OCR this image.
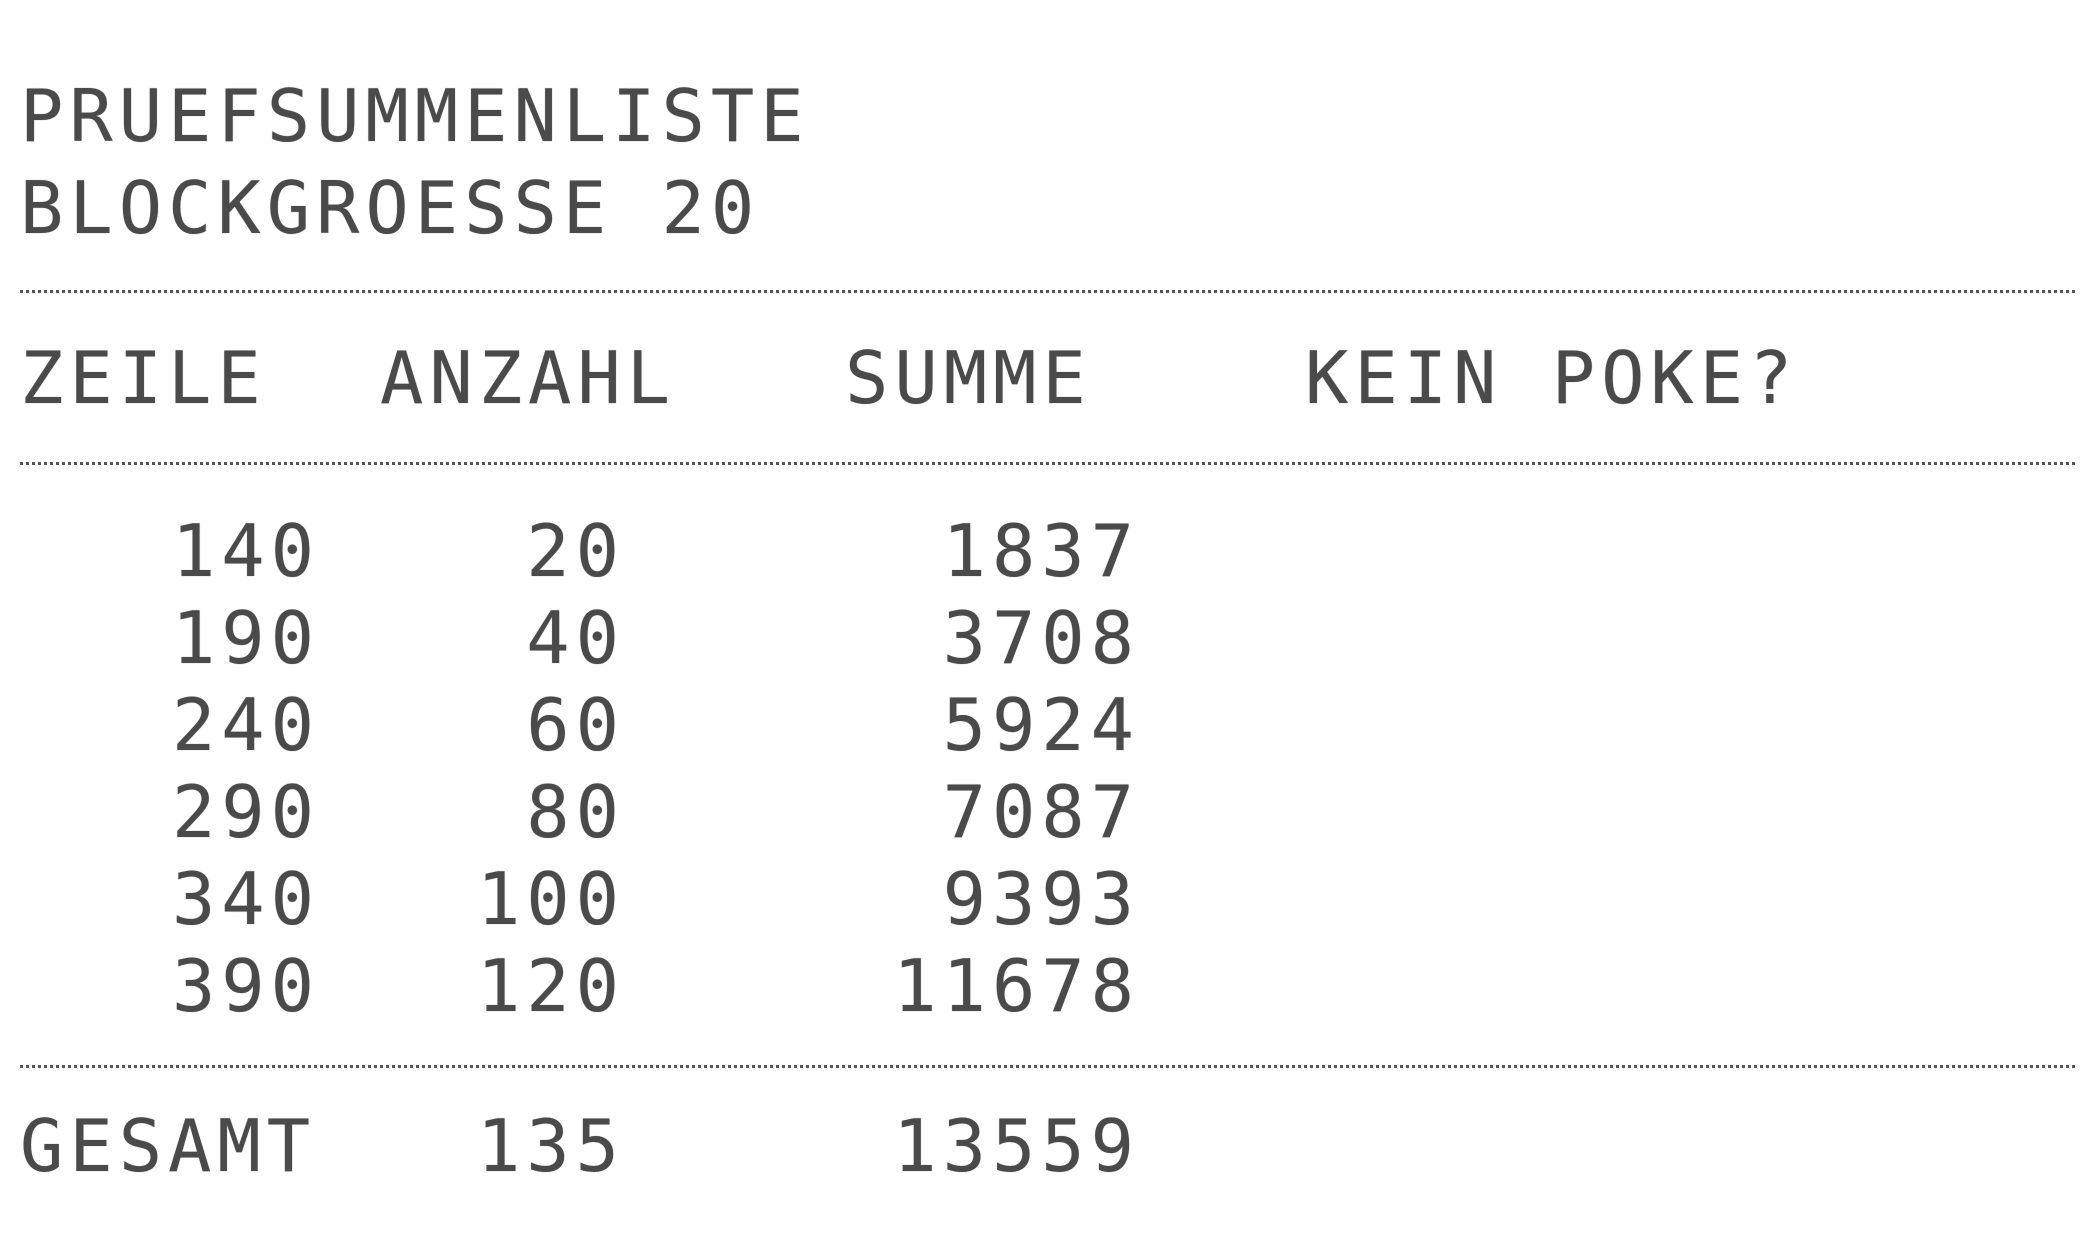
PRUEFSUMMENLISTE
BLOCKGROESSE 20
ZEILE ANZAHL SUMME	KEIN POKE?
140	20	1837
190	40	3708
240	60	5924
290	80	7087
340 100	9393
390 120	11678
GESAMT 135	13559
